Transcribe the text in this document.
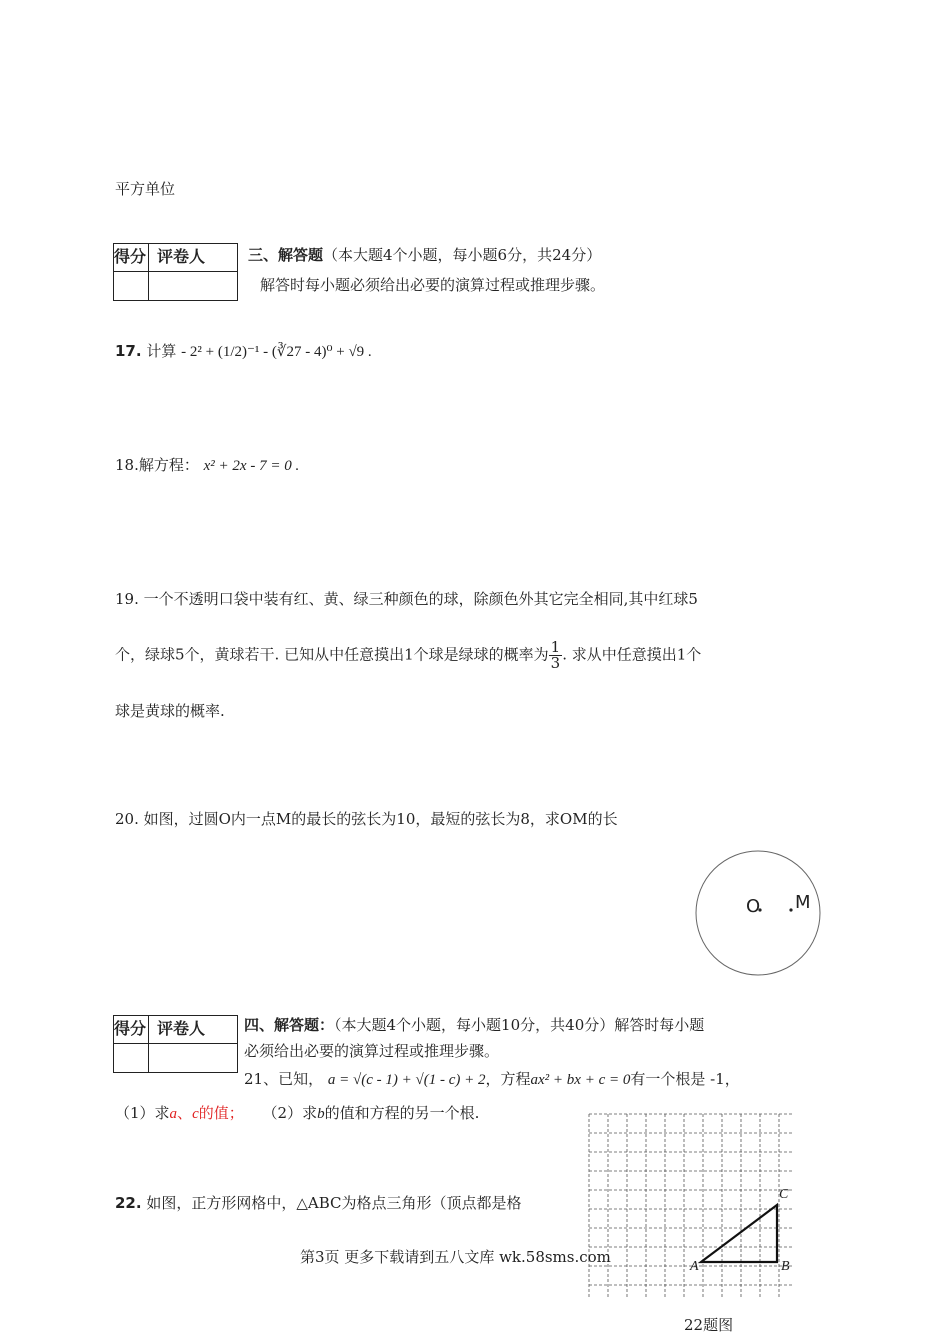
平方单位
得分	评卷人
		三、解答题（本大题4个小题，每小题6分，共24分）
解答时每小题必须给出必要的演算过程或推理步骤。
17. 计算 - 2² + (1/2)⁻¹ - (∛27 - 4)⁰ + √9 .
18.解方程： x² + 2x - 7 = 0 .
19. 一个不透明口袋中装有红、黄、绿三种颜色的球，除颜色外其它完全相同,其中红球5
个，绿球5个，黄球若干. 已知从中任意摸出1个球是绿球的概率为 $\frac{1}{3}$ . 求从中任意摸出1个
球是黄球的概率.
20. 如图，过圆O内一点M的最长的弦长为10，最短的弦长为8，求OM的长
O M
得分	评卷人
		四、解答题：（本大题4个小题，每小题10分，共40分）解答时每小题
必须给出必要的演算过程或推理步骤。
21、已知， a = √(c - 1) + √(1 - c) + 2，方程ax² + bx + c = 0有一个根是 -1，
（1）求a、c的值； （2）求b的值和方程的另一个根.
22. 如图，正方形网格中，△ABC为格点三角形（顶点都是格
A	B
C
22题图
第3页 更多下载请到五八文库 wk.58sms.com
